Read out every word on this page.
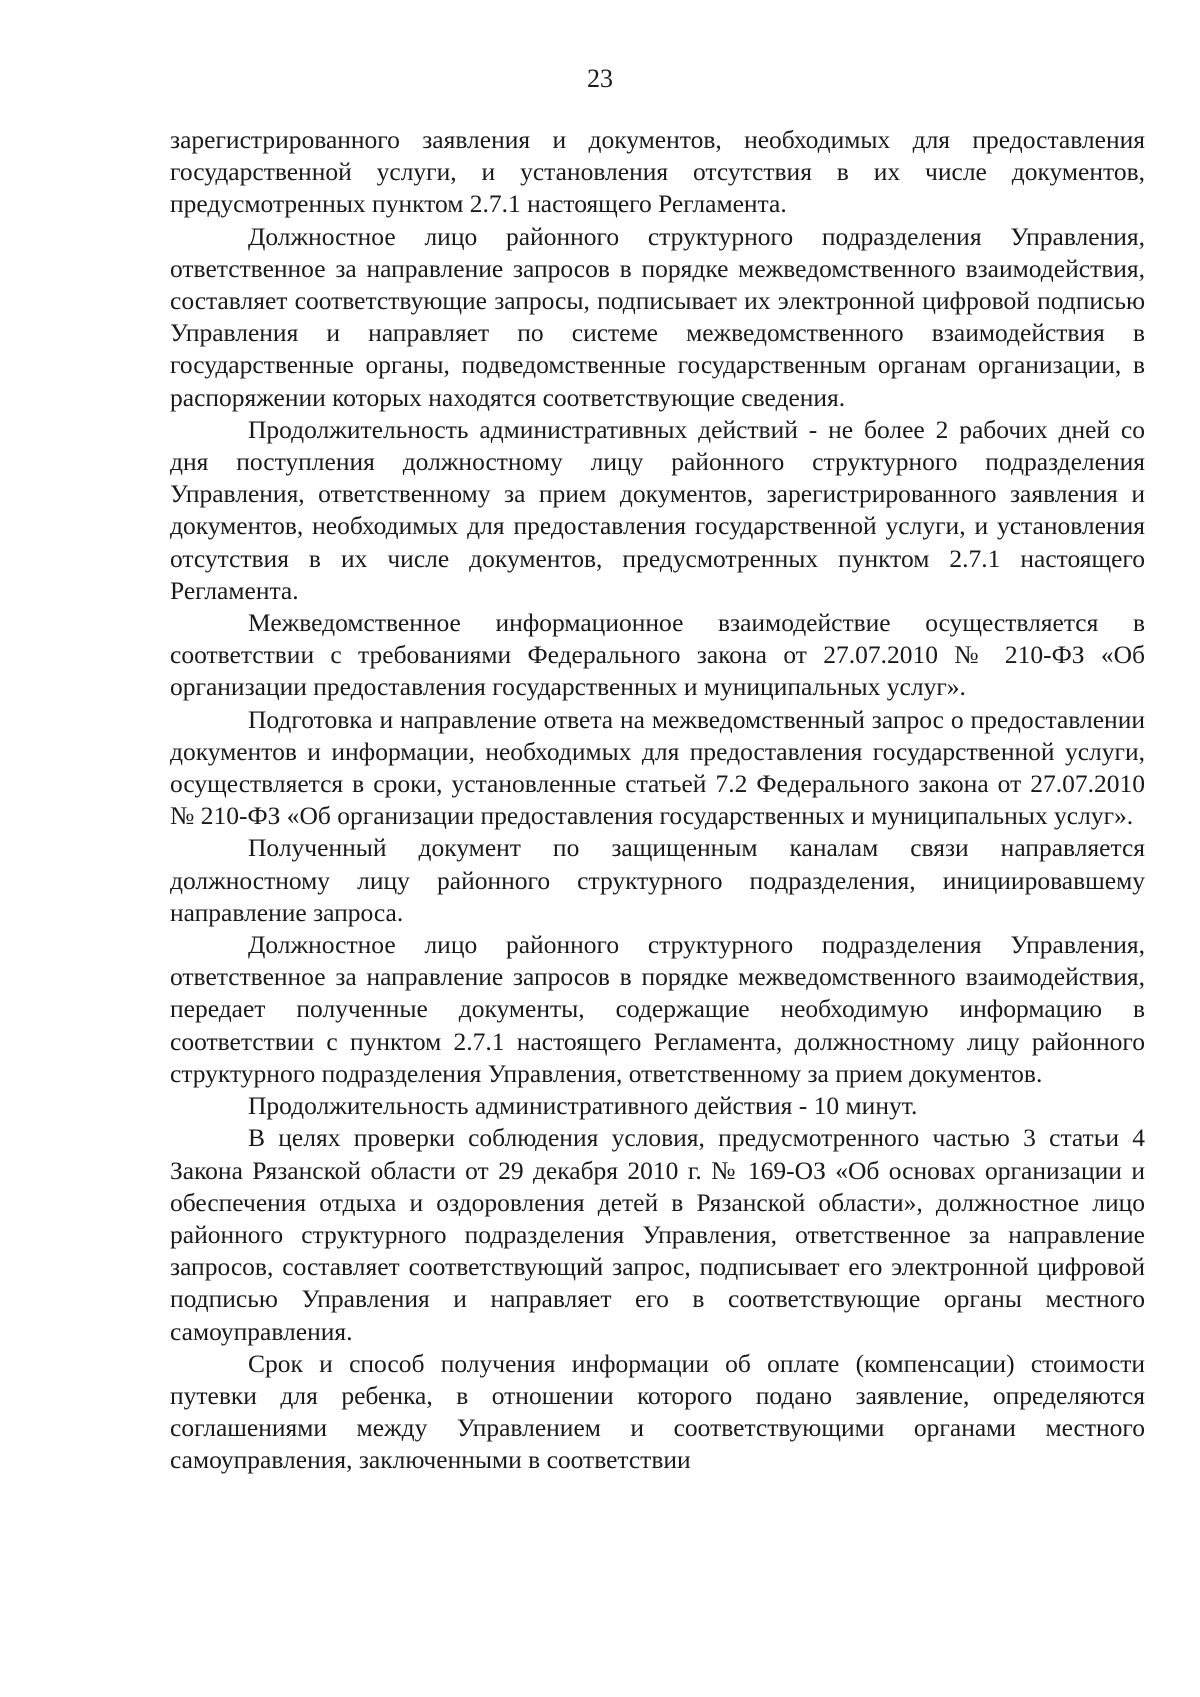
23

зарегистрированного заявления и документов, необходимых для предоставления государственной услуги, и установления отсутствия в их числе документов, предусмотренных пунктом 2.7.1 настоящего Регламента.

Должностное лицо районного структурного подразделения Управления, ответственное за направление запросов в порядке межведомственного взаимодействия, составляет соответствующие запросы, подписывает их электронной цифровой подписью Управления и направляет по системе межведомственного взаимодействия в государственные органы, подведомственные государственным органам организации, в распоряжении которых находятся соответствующие сведения.

Продолжительность административных действий - не более 2 рабочих дней со дня поступления должностному лицу районного структурного подразделения Управления, ответственному за прием документов, зарегистрированного заявления и документов, необходимых для предоставления государственной услуги, и установления отсутствия в их числе документов, предусмотренных пунктом 2.7.1 настоящего Регламента.

Межведомственное информационное взаимодействие осуществляется в соответствии с требованиями Федерального закона от 27.07.2010 № 210-ФЗ «Об организации предоставления государственных и муниципальных услуг».

Подготовка и направление ответа на межведомственный запрос о предоставлении документов и информации, необходимых для предоставления государственной услуги, осуществляется в сроки, установленные статьей 7.2 Федерального закона от 27.07.2010 № 210-ФЗ «Об организации предоставления государственных и муниципальных услуг».

Полученный документ по защищенным каналам связи направляется должностному лицу районного структурного подразделения, инициировавшему направление запроса.

Должностное лицо районного структурного подразделения Управления, ответственное за направление запросов в порядке межведомственного взаимодействия, передает полученные документы, содержащие необходимую информацию в соответствии с пунктом 2.7.1 настоящего Регламента, должностному лицу районного структурного подразделения Управления, ответственному за прием документов.

Продолжительность административного действия - 10 минут.

В целях проверки соблюдения условия, предусмотренного частью 3 статьи 4 Закона Рязанской области от 29 декабря 2010 г. № 169-ОЗ «Об основах организации и обеспечения отдыха и оздоровления детей в Рязанской области», должностное лицо районного структурного подразделения Управления, ответственное за направление запросов, составляет соответствующий запрос, подписывает его электронной цифровой подписью Управления и направляет его в соответствующие органы местного самоуправления.

Срок и способ получения информации об оплате (компенсации) стоимости путевки для ребенка, в отношении которого подано заявление, определяются соглашениями между Управлением и соответствующими органами местного самоуправления, заключенными в соответствии
